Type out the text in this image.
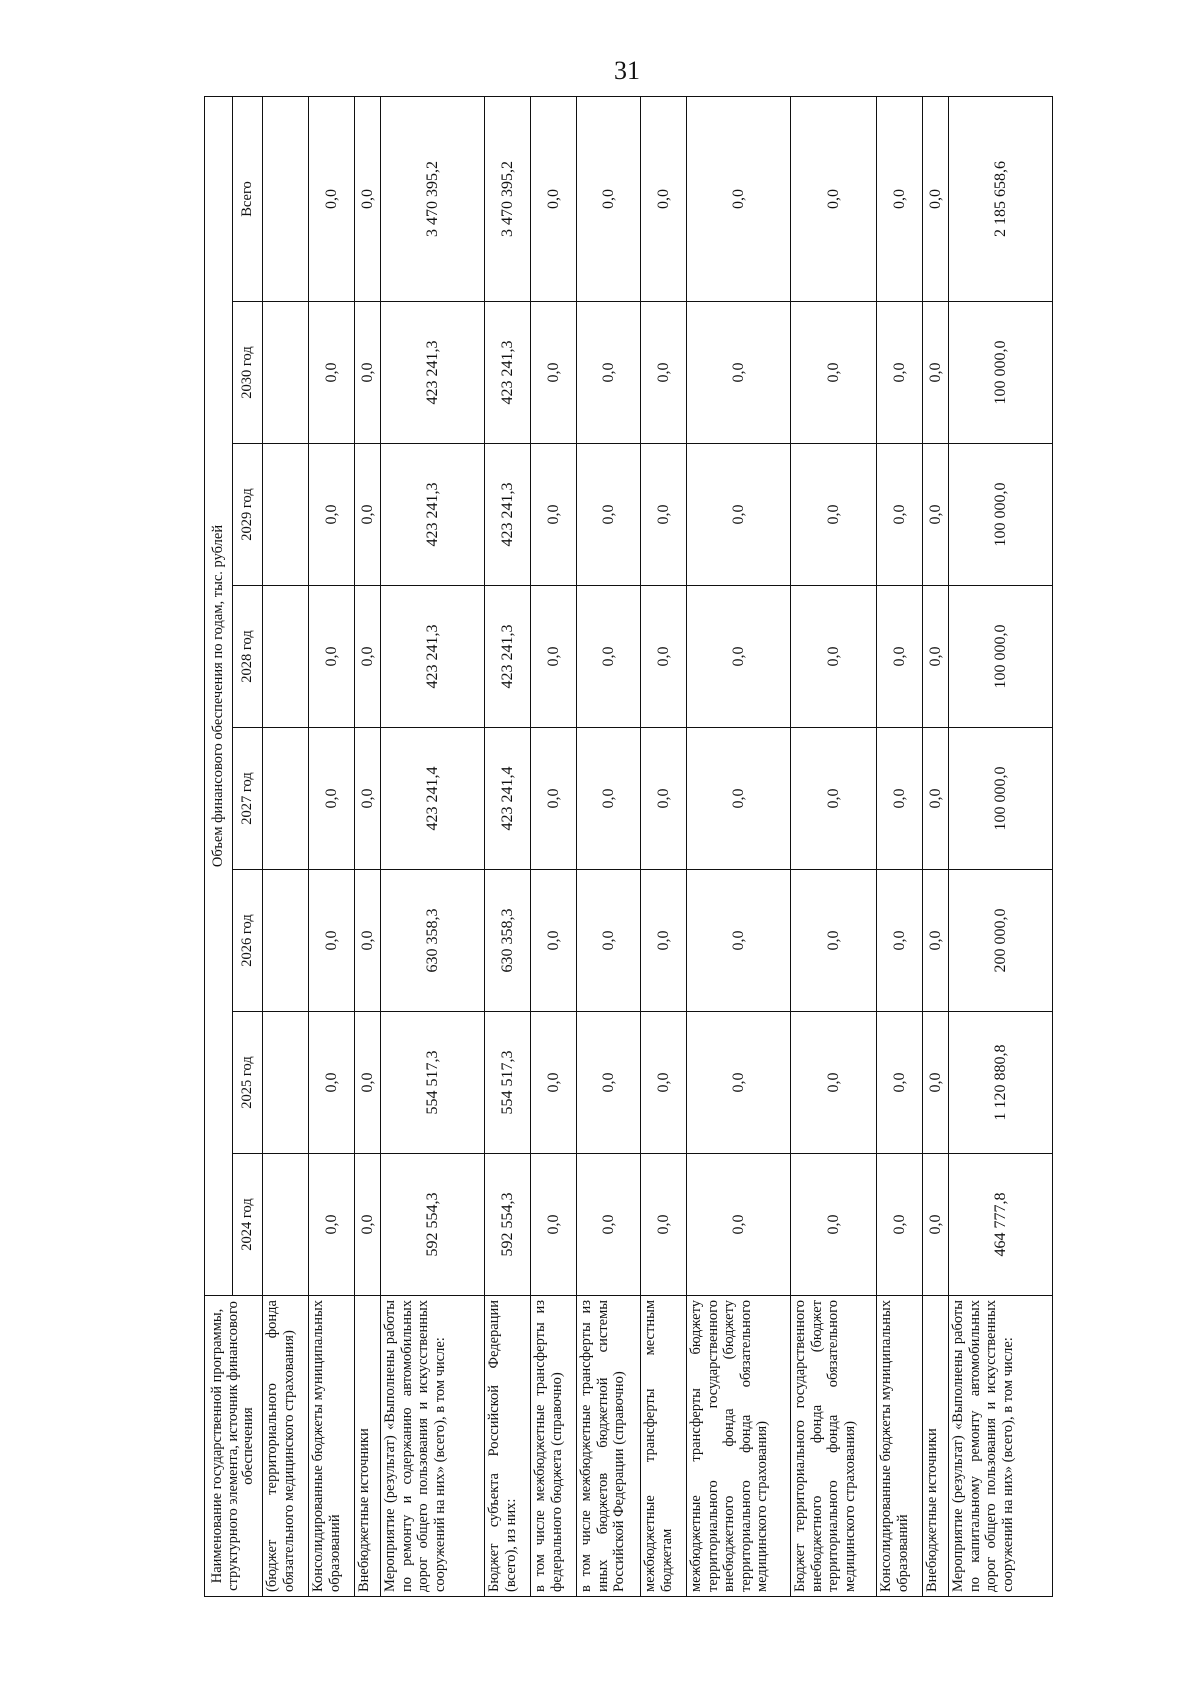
31
Наименование государственной программы, структурного элемента, источник финансового обеспечения	Объем финансового обеспечения по годам, тыс. рублей							
	2024 год	2025 год	2026 год	2027 год	2028 год	2029 год	2030 год	Всего
(бюджет территориального фонда обязательного медицинского страхования)								
Консолидированные бюджеты муниципальных образований	0,0	0,0	0,0	0,0	0,0	0,0	0,0	0,0
Внебюджетные источники	0,0	0,0	0,0	0,0	0,0	0,0	0,0	0,0
Мероприятие (результат) «Выполнены работы по ремонту и содержанию автомобильных дорог общего пользования и искусственных сооружений на них» (всего), в том числе:	592 554,3	554 517,3	630 358,3	423 241,4	423 241,3	423 241,3	423 241,3	3 470 395,2
Бюджет субъекта Российской Федерации (всего), из них:	592 554,3	554 517,3	630 358,3	423 241,4	423 241,3	423 241,3	423 241,3	3 470 395,2
в том числе межбюджетные трансферты из федерального бюджета (справочно)	0,0	0,0	0,0	0,0	0,0	0,0	0,0	0,0
в том числе межбюджетные трансферты из иных бюджетов бюджетной системы Российской Федерации (справочно)	0,0	0,0	0,0	0,0	0,0	0,0	0,0	0,0
межбюджетные трансферты местным бюджетам	0,0	0,0	0,0	0,0	0,0	0,0	0,0	0,0
межбюджетные трансферты бюджету территориального государственного внебюджетного фонда (бюджету территориального фонда обязательного медицинского страхования)	0,0	0,0	0,0	0,0	0,0	0,0	0,0	0,0
Бюджет территориального государственного внебюджетного фонда (бюджет территориального фонда обязательного медицинского страхования)	0,0	0,0	0,0	0,0	0,0	0,0	0,0	0,0
Консолидированные бюджеты муниципальных образований	0,0	0,0	0,0	0,0	0,0	0,0	0,0	0,0
Внебюджетные источники	0,0	0,0	0,0	0,0	0,0	0,0	0,0	0,0
Мероприятие (результат) «Выполнены работы по капитальному ремонту автомобильных дорог общего пользования и искусственных сооружений на них» (всего), в том числе:	464 777,8	1 120 880,8	200 000,0	100 000,0	100 000,0	100 000,0	100 000,0	2 185 658,6
